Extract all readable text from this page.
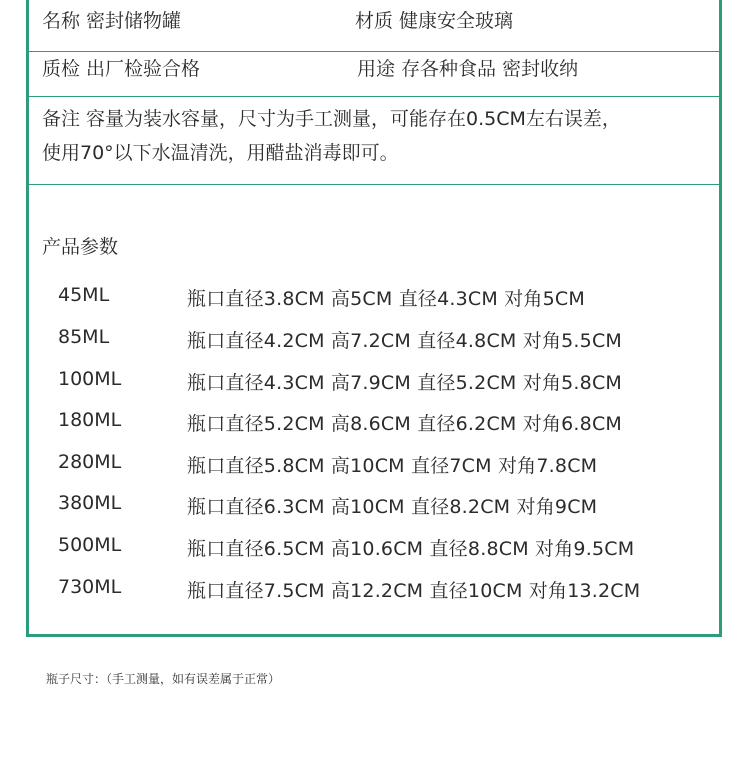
名称 密封储物罐	材质 健康安全玻璃
质检 出厂检验合格	用途 存各种食品 密封收纳
备注 容量为装水容量，尺寸为手工测量，可能存在0.5CM左右误差，
使用70°以下水温清洗，用醋盐消毒即可。
产品参数
45ML	瓶口直径3.8CM 高5CM 直径4.3CM 对角5CM
85ML	瓶口直径4.2CM 高7.2CM 直径4.8CM 对角5.5CM
100ML	瓶口直径4.3CM 高7.9CM 直径5.2CM 对角5.8CM
180ML	瓶口直径5.2CM 高8.6CM 直径6.2CM 对角6.8CM
280ML	瓶口直径5.8CM 高10CM 直径7CM 对角7.8CM
380ML	瓶口直径6.3CM 高10CM 直径8.2CM 对角9CM
500ML	瓶口直径6.5CM 高10.6CM 直径8.8CM 对角9.5CM
730ML	瓶口直径7.5CM 高12.2CM 直径10CM 对角13.2CM
瓶子尺寸：（手工测量，如有误差属于正常）
